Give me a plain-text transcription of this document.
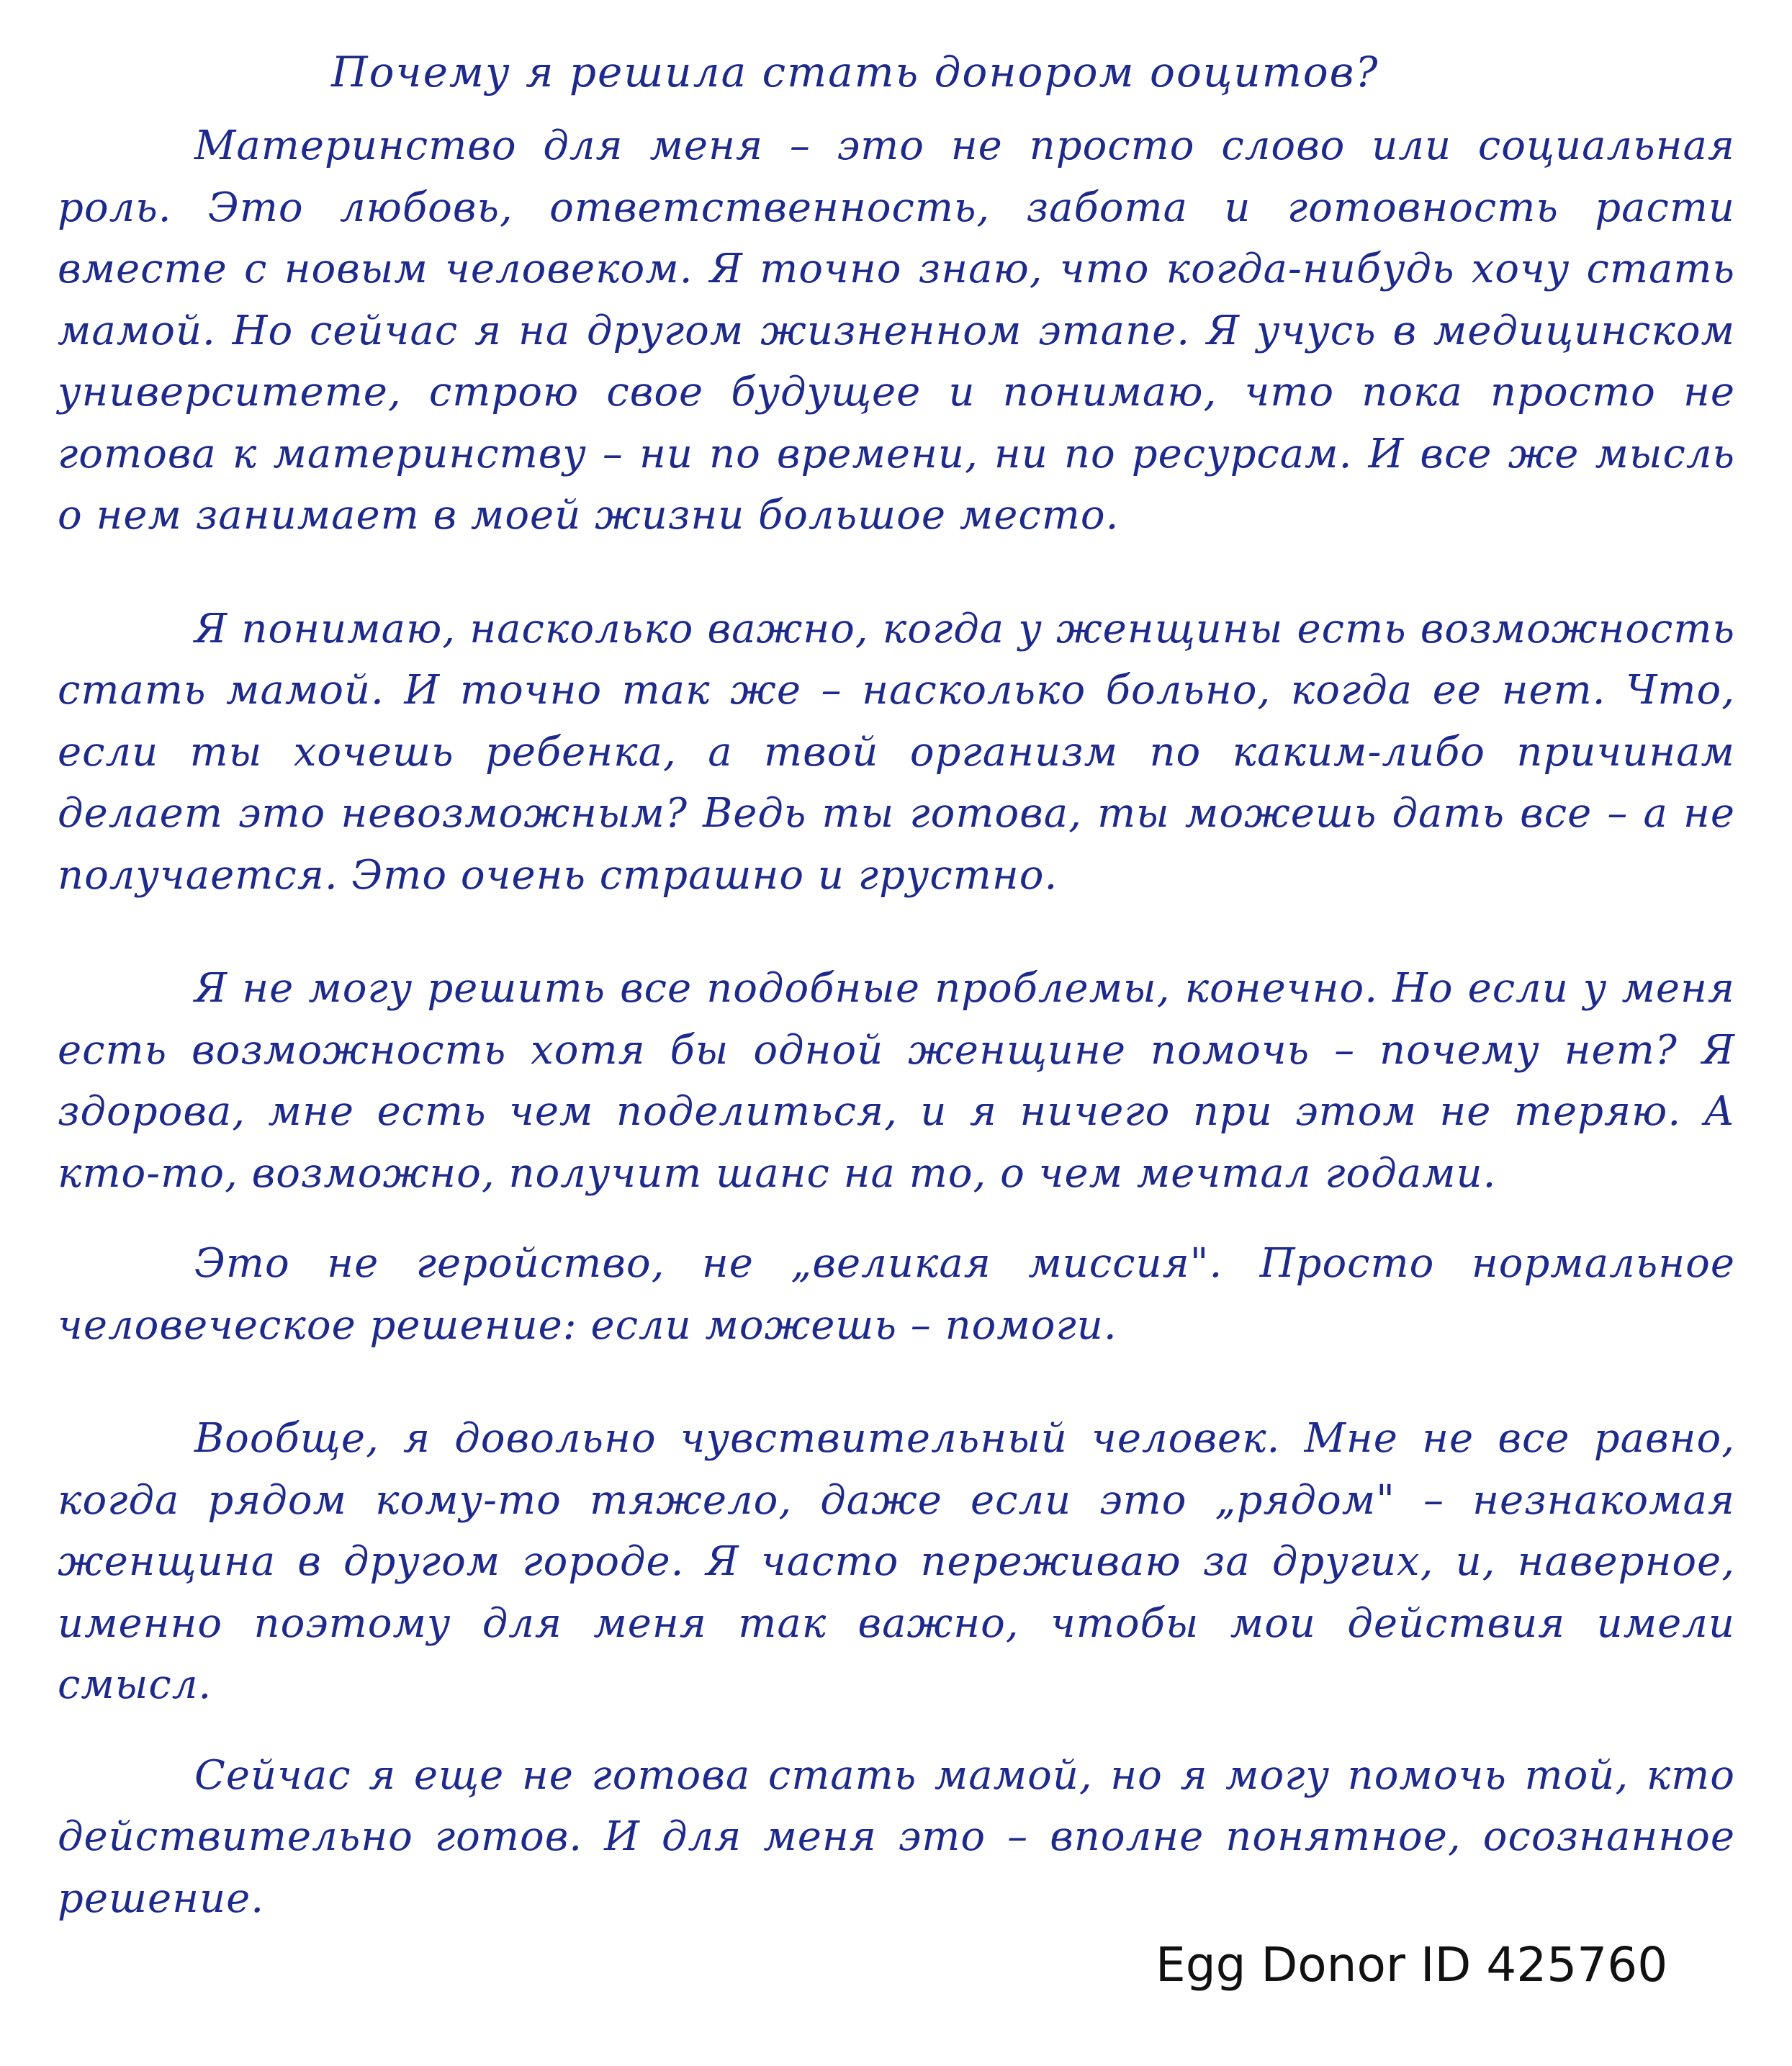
Почему я решила стать донором ооцитов?

Материнство для меня – это не просто слово или социальная роль. Это любовь, ответственность, забота и готовность расти вместе с новым человеком. Я точно знаю, что когда-нибудь хочу стать мамой. Но сейчас я на другом жизненном этапе. Я учусь в медицинском университете, строю свое будущее и понимаю, что пока просто не готова к материнству – ни по времени, ни по ресурсам. И все же мысль о нем занимает в моей жизни большое место.

Я понимаю, насколько важно, когда у женщины есть возможность стать мамой. И точно так же – насколько больно, когда ее нет. Что, если ты хочешь ребенка, а твой организм по каким-либо причинам делает это невозможным? Ведь ты готова, ты можешь дать все – а не получается. Это очень страшно и грустно.

Я не могу решить все подобные проблемы, конечно. Но если у меня есть возможность хотя бы одной женщине помочь – почему нет? Я здорова, мне есть чем поделиться, и я ничего при этом не теряю. А кто-то, возможно, получит шанс на то, о чем мечтал годами.

Это не геройство, не „великая миссия". Просто нормальное человеческое решение: если можешь – помоги.

Вообще, я довольно чувствительный человек. Мне не все равно, когда рядом кому-то тяжело, даже если это „рядом" – незнакомая женщина в другом городе. Я часто переживаю за других, и, наверное, именно поэтому для меня так важно, чтобы мои действия имели смысл.

Сейчас я еще не готова стать мамой, но я могу помочь той, кто действительно готов. И для меня это – вполне понятное, осознанное решение.

Egg Donor ID 425760
